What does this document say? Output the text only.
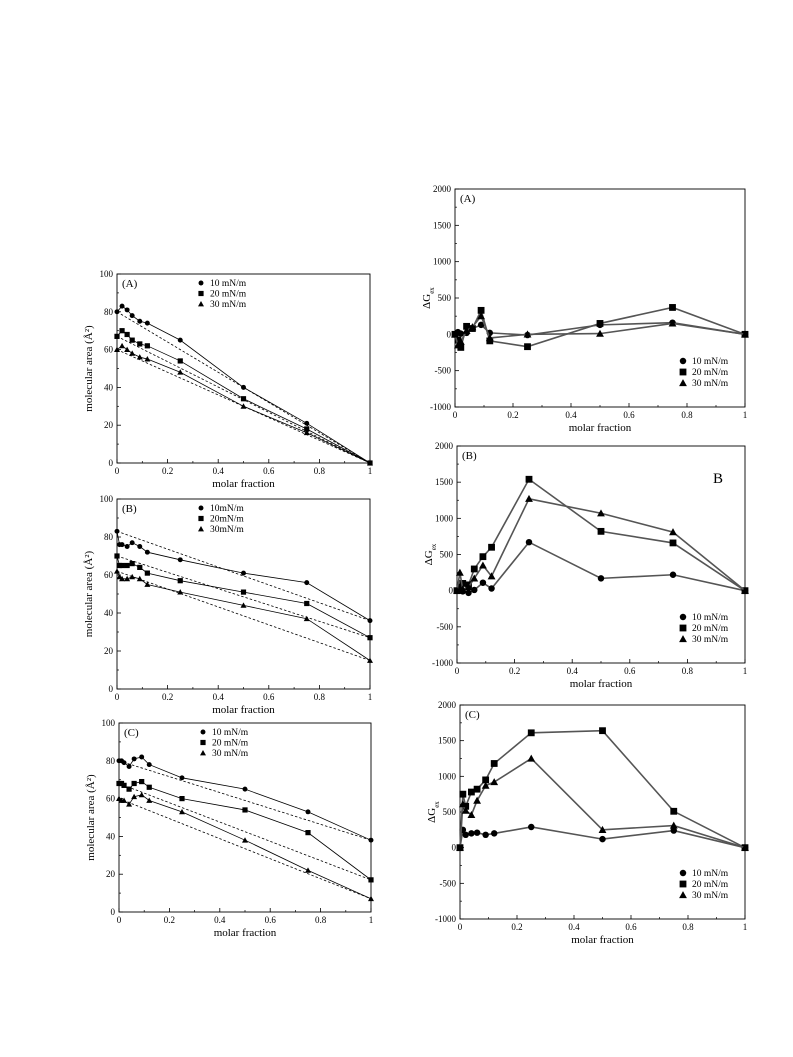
0	0.2	0.4	0.6	0.8	1
0
20
40
60
80
100
molar fraction
molecular area (Å²)
(A)	10 mN/m
20 mN/m
30 mN/m
0	0.2	0.4	0.6	0.8	1
0
20
40
60
80
100
molar fraction
molecular area (Å²)
(B)	10mN/m
20mN/m
30mN/m
0	0.2	0.4	0.6	0.8	1
0
20
40
60
80
100
molar fraction
molecular area (Å²)
(C)	10 mN/m
20 mN/m
30 mN/m
0	0.2	0.4	0.6	0.8	1
-1000
-500
0
500
1000
1500
2000
molar fraction
$\Delta G_{ex}$
(A)
10 mN/m
20 mN/m
30 mN/m
0	0.2	0.4	0.6	0.8	1
-1000
-500
0
500
1000
1500
2000
molar fraction
$\Delta G_{ex}$
(B)
B
10 mN/m
20 mN/m
30 mN/m
0	0.2	0.4	0.6	0.8	1
-1000
-500
0
500
1000
1500
2000
molar fraction
$\Delta G_{ex}$
(C)
10 mN/m
20 mN/m
30 mN/m
